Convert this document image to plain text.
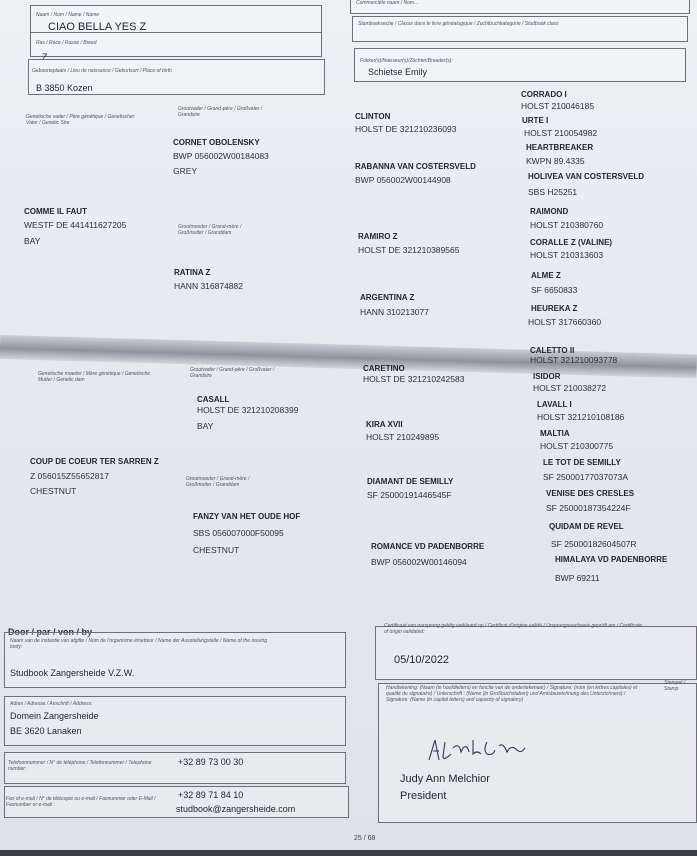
Naam / Nom / Name / Name
CIAO BELLA YES Z
Ras / Race / Rasse / Breed
Z
Geboorteplaats / Lieu de naissance / Geburtsort / Place of birth
B 3850 Kozen
Commerciële naam / Nom...
Stamboeksectie / Classe dans le livre généalogique / Zuchtbuchkategorie / Studbook class
Fokker(s)/Naisseur(s)/Züchter/Breeder(s):
Schietse Emily
Genetische vader / Père génétique / Genetischer Vater / Genetic Sire
Grootvader / Grand-père / Großvater / Grandsire
Grootmoeder / Grand-mère / Großmutter / Granddam
COMME IL FAUT
WESTF DE 441411627205
BAY
CORNET OBOLENSKY
BWP 056002W00184083
GREY
RATINA Z
HANN 316874882
CLINTON
HOLST DE 321210236093
RABANNA VAN COSTERSVELD
BWP 056002W00144908
RAMIRO Z
HOLST DE 321210389565
ARGENTINA Z
HANN 310213077
CORRADO I
HOLST 210046185
URTE I
HOLST 210054982
HEARTBREAKER
KWPN 89.4335
HOLIVEA VAN COSTERSVELD
SBS H25251
RAIMOND
HOLST 210380760
CORALLE Z (VALINE)
HOLST 210313603
ALME Z
SF 6650833
HEUREKA Z
HOLST 317660360
Genetische moeder / Mère génétique / Genetische Mutter / Genetic dam
Grootvader / Grand-père / Großvater / Grandsire
Grootmoeder / Grand-mère / Großmutter / Granddam
COUP DE COEUR TER SARREN Z
Z 056015Z55652817
CHESTNUT
CASALL
HOLST DE 321210208399
BAY
FANZY VAN HET OUDE HOF
SBS 056007000F50095
CHESTNUT
CARETINO
HOLST DE 321210242583
KIRA XVII
HOLST 210249895
DIAMANT DE SEMILLY
SF 25000191446545F
ROMANCE VD PADENBORRE
BWP 056002W00146094
CALETTO II
HOLST 321210093778
ISIDOR
HOLST 210038272
LAVALL I
HOLST 321210108186
MALTIA
HOLST 210300775
LE TOT DE SEMILLY
SF 25000177037073A
VENISE DES CRESLES
SF 25000187354224F
QUIDAM DE REVEL
SF 25000182604507R
HIMALAYA VD PADENBORRE
BWP 69211
Door / par / von / by
Naam van de instantie van afgifte / Nom de l'organisme émetteur / Name der Ausstellungstelle / Name of the issuing body:
Studbook Zangersheide V.Z.W.
Adres / Adresse / Anschrift / Address:
Domein Zangersheide
BE 3620 Lanaken
Telefoonnummer / N° de téléphone / Telefonnummer / Telephone number:
+32 89 73 00 30
Fax of e-mail / N° de télécopie ou e-mail / Faxnummer oder E-Mail / Faxnumber or e-mail :
+32 89 71 84 10
studbook@zangersheide.com
Certificaat van oorsprong geldig verklaard op / Certificat d'origine validé / Ursprungsnachweis geprüft am / Certificate of origin validated:
05/10/2022
Handtekening: (Naam (in hoofdletters) en functie van de ondertekenaar) / Signature: (nom (en lettres capitales) et qualité du signataire) / Unterschrift : (Name (in Großbuchstaben) und Amtsbezeichnung des Unterzichners) / Signature: (Name (in capital letters) and capacity of signatory)
Stempel / Stamp
Judy Ann Melchior
President
25 / 68
